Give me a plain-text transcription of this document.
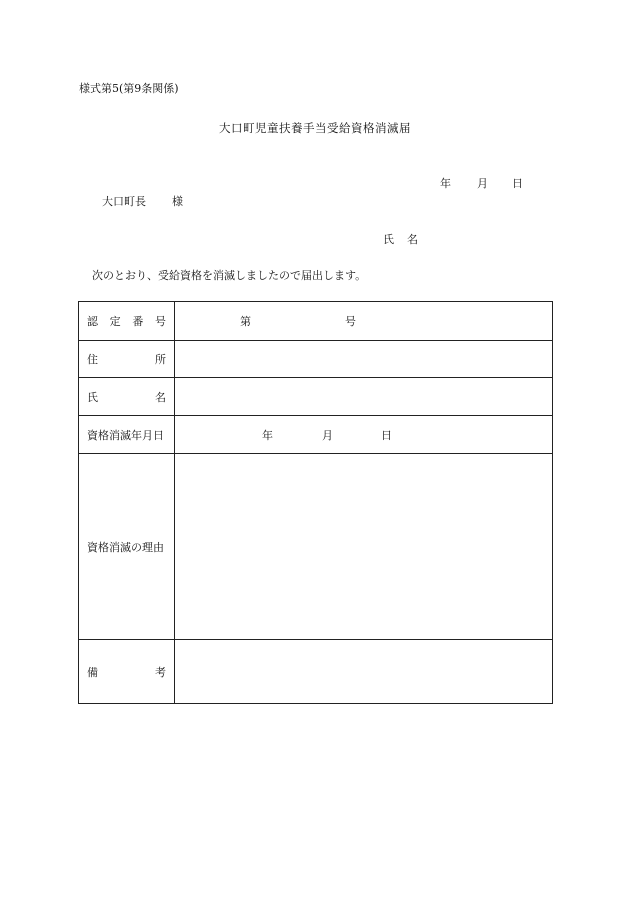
様式第5(第9条関係)
大口町児童扶養手当受給資格消滅届
年 月 日
大口町長 様
氏 名
次のとおり、受給資格を消滅しましたので届出します。
認 定 番 号	第 号

住 所	

氏 名	

資格消滅年月日	年 月 日

資格消滅の理由	

備 考	
